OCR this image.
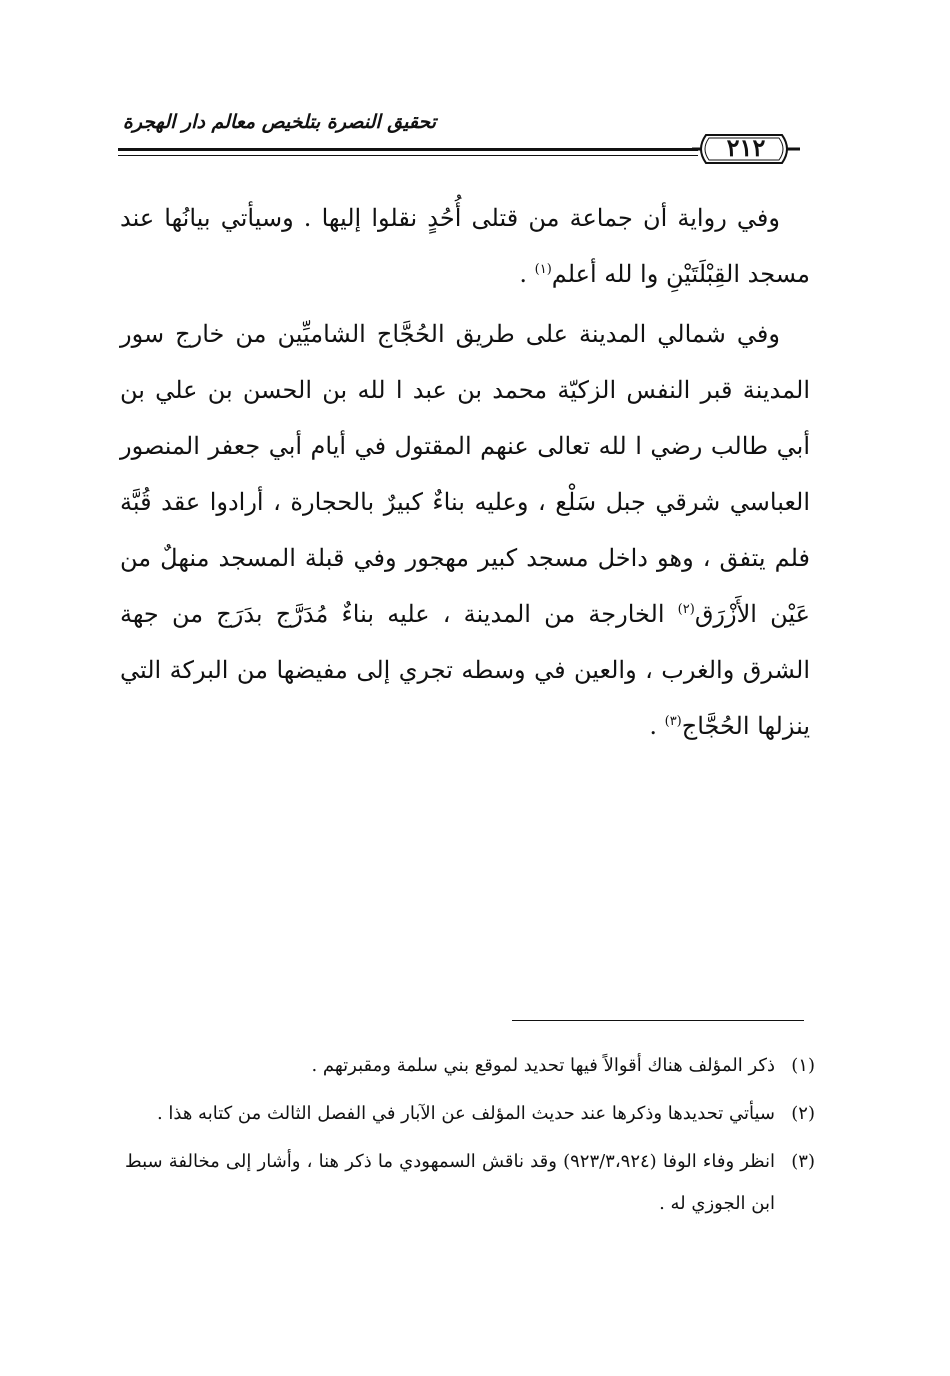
تحقيق النصرة بتلخيص معالم دار الهجرة
٢١٢

وفي رواية أن جماعة من قتلى أُحُدٍ نقلوا إليها . وسيأتي بيانُها عند مسجد القِبْلَتَيْنِ وا لله أعلم$^{(١)}$ .

وفي شمالي المدينة على طريق الحُجَّاج الشاميِّين من خارج سور المدينة قبر النفس الزكيّة محمد بن عبد ا لله بن الحسن بن علي بن أبي طالب رضي ا لله تعالى عنهم المقتول في أيام أبي جعفر المنصور العباسي شرقي جبل سَلْع ، وعليه بناءٌ كبيرٌ بالحجارة ، أرادوا عقد قُبَّة فلم يتفق ، وهو داخل مسجد كبير مهجور وفي قبلة المسجد منهلٌ من عَيْن الأَزْرَق$^{(٢)}$ الخارجة من المدينة ، عليه بناءٌ مُدَرَّج بدَرَج من جهة الشرق والغرب ، والعين في وسطه تجري إلى مفيضها من البركة التي ينزلها الحُجَّاج$^{(٣)}$ .

(١)
ذكر المؤلف هناك أقوالاً فيها تحديد لموقع بني سلمة ومقبرتهم .
(٢)
سيأتي تحديدها وذكرها عند حديث المؤلف عن الآبار في الفصل الثالث من كتابه هذا .
(٣)
انظر وفاء الوفا (٩٢٣/٣،٩٢٤) وقد ناقش السمهودي ما ذكر هنا ، وأشار إلى مخالفة سبط ابن الجوزي له .
